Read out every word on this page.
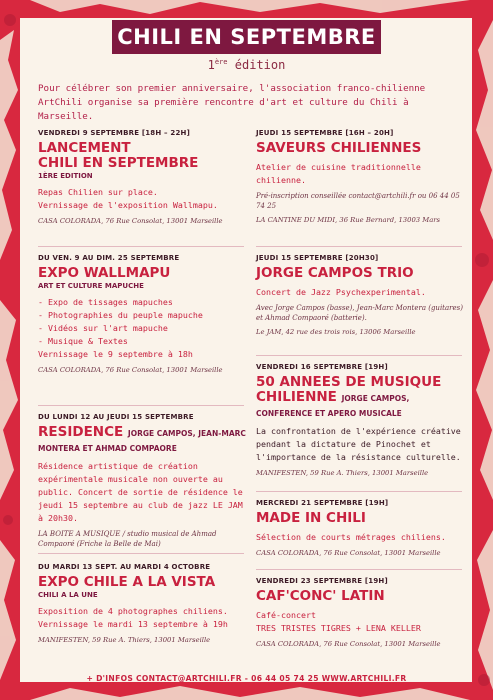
CHILI EN SEPTEMBRE
1ère édition
Pour célébrer son premier anniversaire, l'association franco-chilienne ArtChili organise sa première rencontre d'art et culture du Chili à Marseille.
VENDREDI 9 SEPTEMBRE [18H – 22H]
LANCEMENT
CHILI EN SEPTEMBRE
1ÈRE EDITION
Repas Chilien sur place.
Vernissage de l'exposition Wallmapu.
CASA COLORADA, 76 Rue Consolat, 13001 Marseille
DU VEN. 9 AU DIM. 25 SEPTEMBRE
EXPO WALLMAPU
ART ET CULTURE MAPUCHE
- Expo de tissages mapuches
- Photographies du peuple mapuche
- Vidéos sur l'art mapuche
- Musique & Textes
Vernissage le 9 septembre à 18h
CASA COLORADA, 76 Rue Consolat, 13001 Marseille
DU LUNDI 12 AU JEUDI 15 SEPTEMBRE
RESIDENCE JORGE CAMPOS, JEAN-MARC MONTERA ET AHMAD COMPAORE
Résidence artistique de création expérimentale musicale non ouverte au public. Concert de sortie de résidence le jeudi 15 septembre au club de jazz LE JAM à 20h30.
LA BOITE A MUSIQUE / studio musical de Ahmad Compaoré (Friche la Belle de Mai)
DU MARDI 13 SEPT. AU MARDI 4 OCTOBRE
EXPO CHILE A LA VISTA
CHILI A LA UNE
Exposition de 4 photographes chiliens.
Vernissage le mardi 13 septembre à 19h
MANIFESTEN, 59 Rue A. Thiers, 13001 Marseille
JEUDI 15 SEPTEMBRE [16H – 20H]
SAVEURS CHILIENNES
Atelier de cuisine traditionnelle chilienne.
Pré-inscription conseillée contact@artchili.fr ou 06 44 05 74 25
LA CANTINE DU MIDI, 36 Rue Bernard, 13003 Mars
JEUDI 15 SEPTEMBRE [20H30]
JORGE CAMPOS TRIO
Concert de Jazz Psychexperimental.
Avec Jorge Campos (basse), Jean-Marc Montera (guitares) et Ahmad Compaoré (batterie).
Le JAM, 42 rue des trois rois, 13006 Marseille
VENDREDI 16 SEPTEMBRE [19H]
50 ANNEES DE MUSIQUE
CHILIENNE JORGE CAMPOS, CONFERENCE ET APERO MUSICALE
La confrontation de l'expérience créative pendant la dictature de Pinochet et l'importance de la résistance culturelle.
MANIFESTEN, 59 Rue A. Thiers, 13001 Marseille
MERCREDI 21 SEPTEMBRE [19H]
MADE IN CHILI
Sélection de courts métrages chiliens.
CASA COLORADA, 76 Rue Consolat, 13001 Marseille
VENDREDI 23 SEPTEMBRE [19H]
CAF'CONC' LATIN
Café-concert
TRES TRISTES TIGRES + LENA KELLER
CASA COLORADA, 76 Rue Consolat, 13001 Marseille
+ D'INFOS CONTACT@ARTCHILI.FR - 06 44 05 74 25 WWW.ARTCHILI.FR
